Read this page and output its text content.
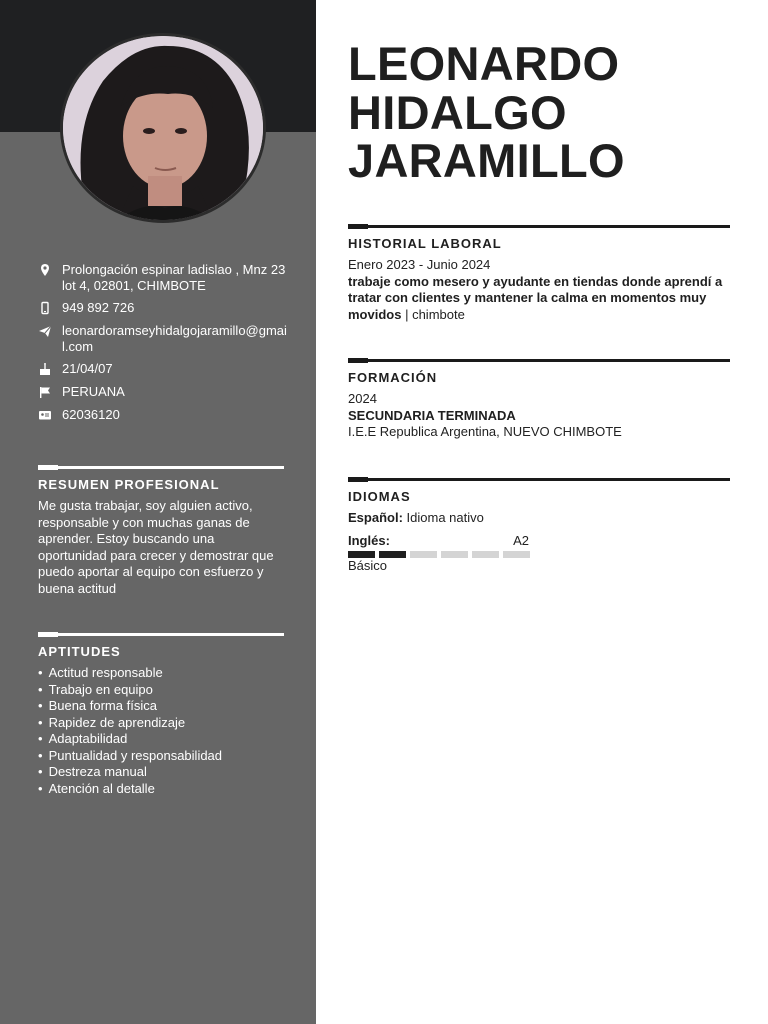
Prolongación espinar ladislao , Mnz 23 lot 4, 02801, CHIMBOTE
949 892 726
leonardoramseyhidalgojaramillo@gmail.com
21/04/07
PERUANA
62036120
RESUMEN PROFESIONAL
Me gusta trabajar, soy alguien activo, responsable y con muchas ganas de aprender. Estoy buscando una oportunidad para crecer y demostrar que puedo aportar al equipo con esfuerzo y buena actitud
APTITUDES
• Actitud responsable
• Trabajo en equipo
• Buena forma física
• Rapidez de aprendizaje
• Adaptabilidad
• Puntualidad y responsabilidad
• Destreza manual
• Atención al detalle
LEONARDO
HIDALGO
JARAMILLO
HISTORIAL LABORAL
Enero 2023 - Junio 2024
trabaje como mesero y ayudante en tiendas donde aprendí a tratar con clientes y mantener la calma en momentos muy movidos | chimbote
FORMACIÓN
2024
SECUNDARIA TERMINADA
I.E.E Republica Argentina, NUEVO CHIMBOTE
IDIOMAS
Español: Idioma nativo
Inglés:	A2
Básico
